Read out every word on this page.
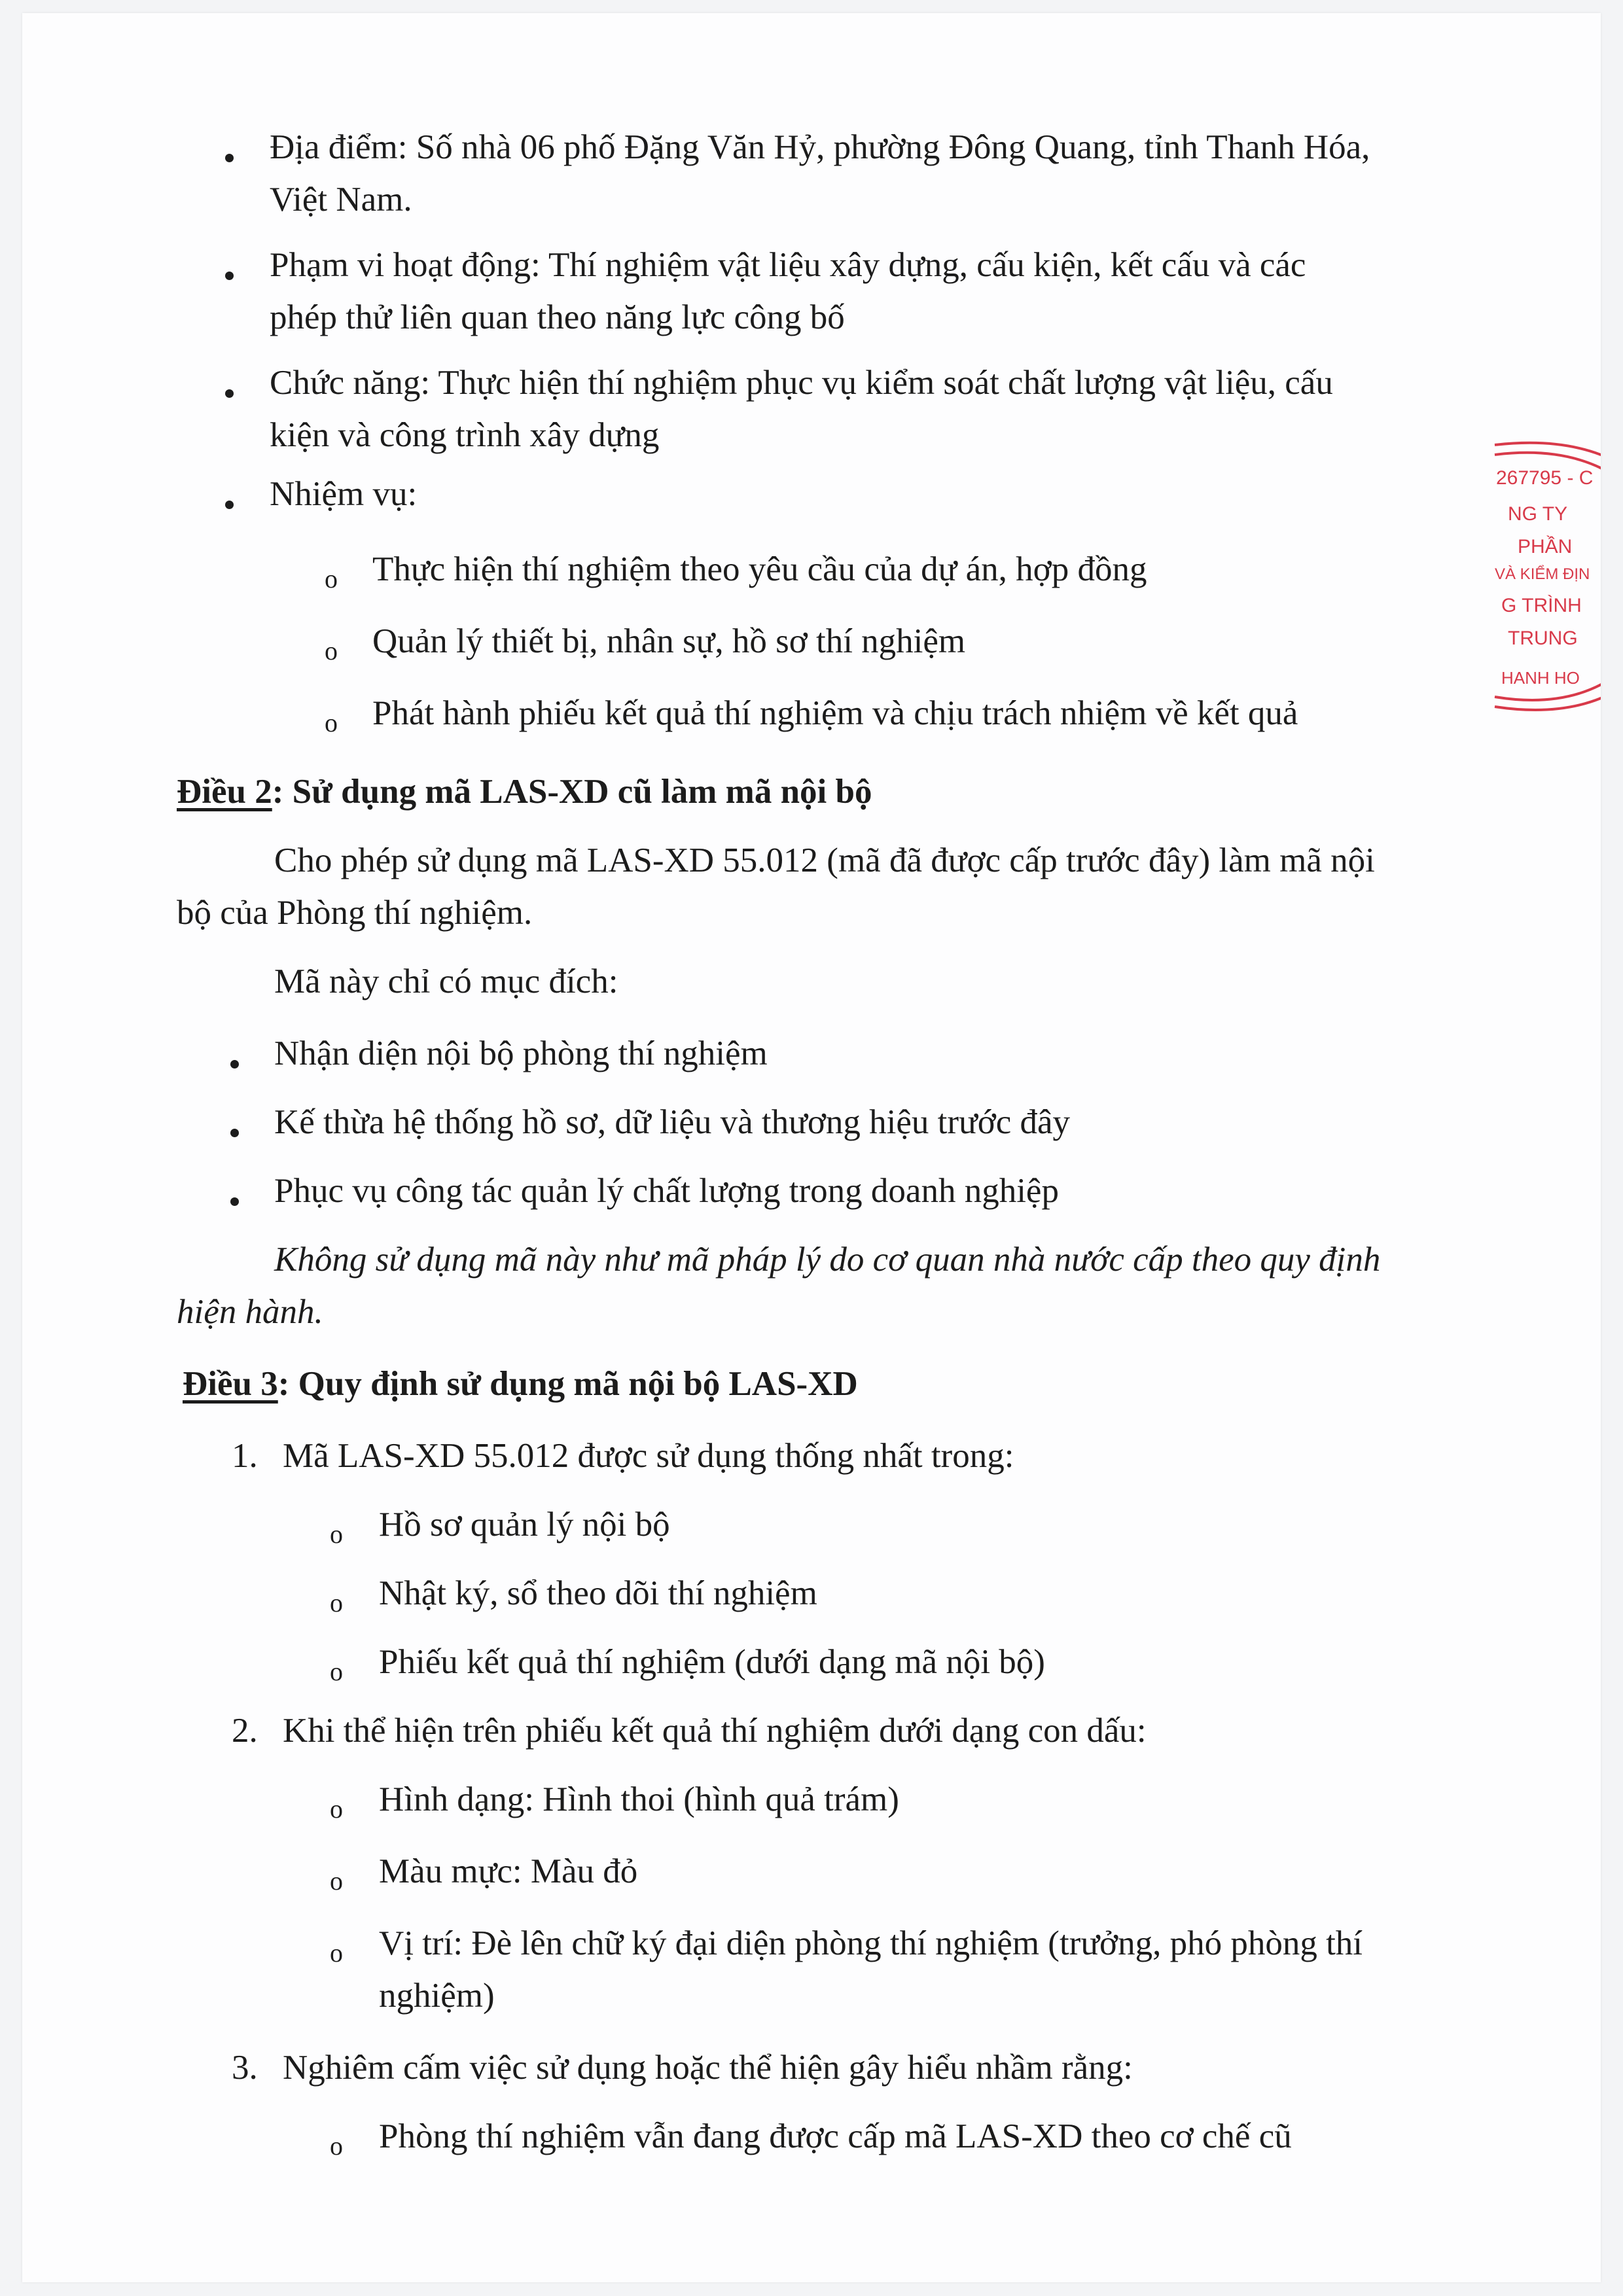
Địa điểm: Số nhà 06 phố Đặng Văn Hỷ, phường Đông Quang, tỉnh Thanh Hóa,
Việt Nam.
Phạm vi hoạt động: Thí nghiệm vật liệu xây dựng, cấu kiện, kết cấu và các
phép thử liên quan theo năng lực công bố
Chức năng: Thực hiện thí nghiệm phục vụ kiểm soát chất lượng vật liệu, cấu
kiện và công trình xây dựng
Nhiệm vụ:
o Thực hiện thí nghiệm theo yêu cầu của dự án, hợp đồng
o Quản lý thiết bị, nhân sự, hồ sơ thí nghiệm
o Phát hành phiếu kết quả thí nghiệm và chịu trách nhiệm về kết quả
Điều 2: Sử dụng mã LAS-XD cũ làm mã nội bộ
Cho phép sử dụng mã LAS-XD 55.012 (mã đã được cấp trước đây) làm mã nội
bộ của Phòng thí nghiệm.
Mã này chỉ có mục đích:
Nhận diện nội bộ phòng thí nghiệm
Kế thừa hệ thống hồ sơ, dữ liệu và thương hiệu trước đây
Phục vụ công tác quản lý chất lượng trong doanh nghiệp
Không sử dụng mã này như mã pháp lý do cơ quan nhà nước cấp theo quy định
hiện hành.
Điều 3: Quy định sử dụng mã nội bộ LAS-XD
1. Mã LAS-XD 55.012 được sử dụng thống nhất trong:
o Hồ sơ quản lý nội bộ
o Nhật ký, sổ theo dõi thí nghiệm
o Phiếu kết quả thí nghiệm (dưới dạng mã nội bộ)
2. Khi thể hiện trên phiếu kết quả thí nghiệm dưới dạng con dấu:
o Hình dạng: Hình thoi (hình quả trám)
o Màu mực: Màu đỏ
o Vị trí: Đè lên chữ ký đại diện phòng thí nghiệm (trưởng, phó phòng thí
nghiệm)
3. Nghiêm cấm việc sử dụng hoặc thể hiện gây hiểu nhầm rằng:
o Phòng thí nghiệm vẫn đang được cấp mã LAS-XD theo cơ chế cũ
267795 - C
NG TY
PHẦN
VÀ KIỂM ĐỊN
G TRÌNH
TRUNG
HANH HO
